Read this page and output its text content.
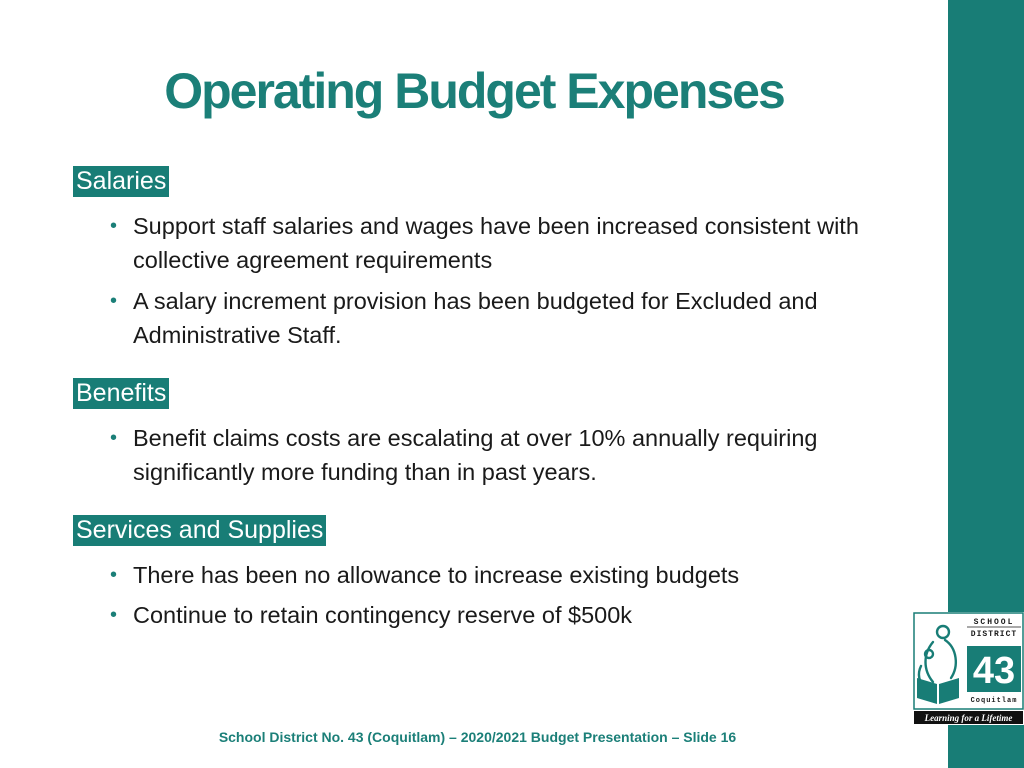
Operating Budget Expenses
Salaries
• Support staff salaries and wages have been increased consistent with collective agreement requirements
• A salary increment provision has been budgeted for Excluded and Administrative Staff.
Benefits
• Benefit claims costs are escalating at over 10% annually requiring significantly more funding than in past years.
Services and Supplies
• There has been no allowance to increase existing budgets
• Continue to retain contingency reserve of $500k
School District No. 43 (Coquitlam) – 2020/2021 Budget Presentation – Slide 16
SCHOOL
DISTRICT
43
Coquitlam
Learning for a Lifetime
